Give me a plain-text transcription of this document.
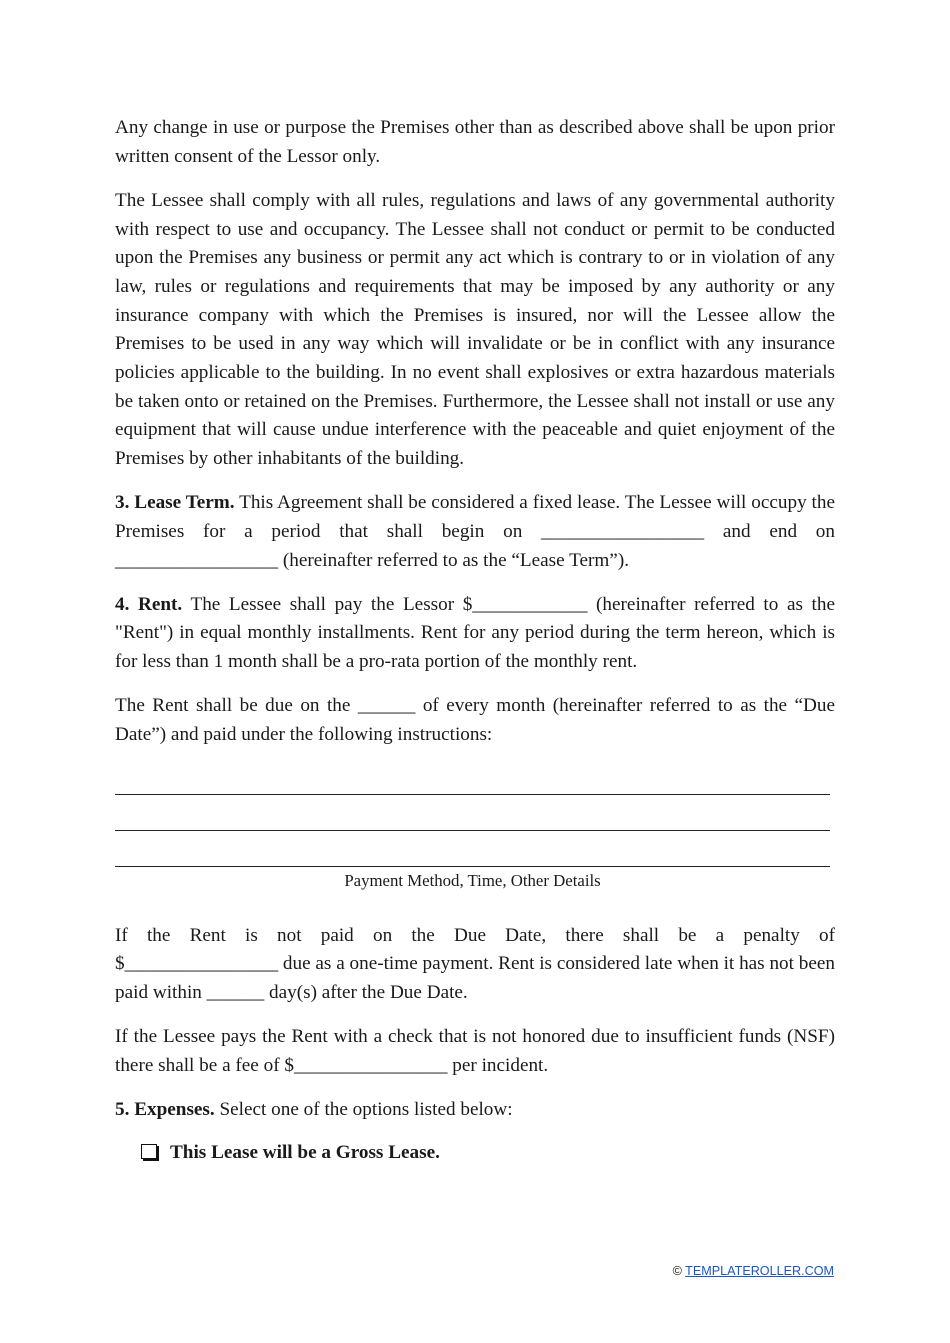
Any change in use or purpose the Premises other than as described above shall be upon prior written consent of the Lessor only.

The Lessee shall comply with all rules, regulations and laws of any governmental authority with respect to use and occupancy. The Lessee shall not conduct or permit to be conducted upon the Premises any business or permit any act which is contrary to or in violation of any law, rules or regulations and requirements that may be imposed by any authority or any insurance company with which the Premises is insured, nor will the Lessee allow the Premises to be used in any way which will invalidate or be in conflict with any insurance policies applicable to the building. In no event shall explosives or extra hazardous materials be taken onto or retained on the Premises. Furthermore, the Lessee shall not install or use any equipment that will cause undue interference with the peaceable and quiet enjoyment of the Premises by other inhabitants of the building.

3. Lease Term. This Agreement shall be considered a fixed lease. The Lessee will occupy the Premises for a period that shall begin on _________________ and end on _________________ (hereinafter referred to as the “Lease Term”).

4. Rent. The Lessee shall pay the Lessor $____________ (hereinafter referred to as the "Rent") in equal monthly installments. Rent for any period during the term hereon, which is for less than 1 month shall be a pro-rata portion of the monthly rent.

The Rent shall be due on the ______ of every month (hereinafter referred to as the “Due Date”) and paid under the following instructions:

Payment Method, Time, Other Details

If the Rent is not paid on the Due Date, there shall be a penalty of

$________________ due as a one-time payment. Rent is considered late when it has not been paid within ______ day(s) after the Due Date.

If the Lessee pays the Rent with a check that is not honored due to insufficient funds (NSF) there shall be a fee of $________________ per incident.

5. Expenses. Select one of the options listed below:

This Lease will be a Gross Lease.
© TEMPLATEROLLER.COM
